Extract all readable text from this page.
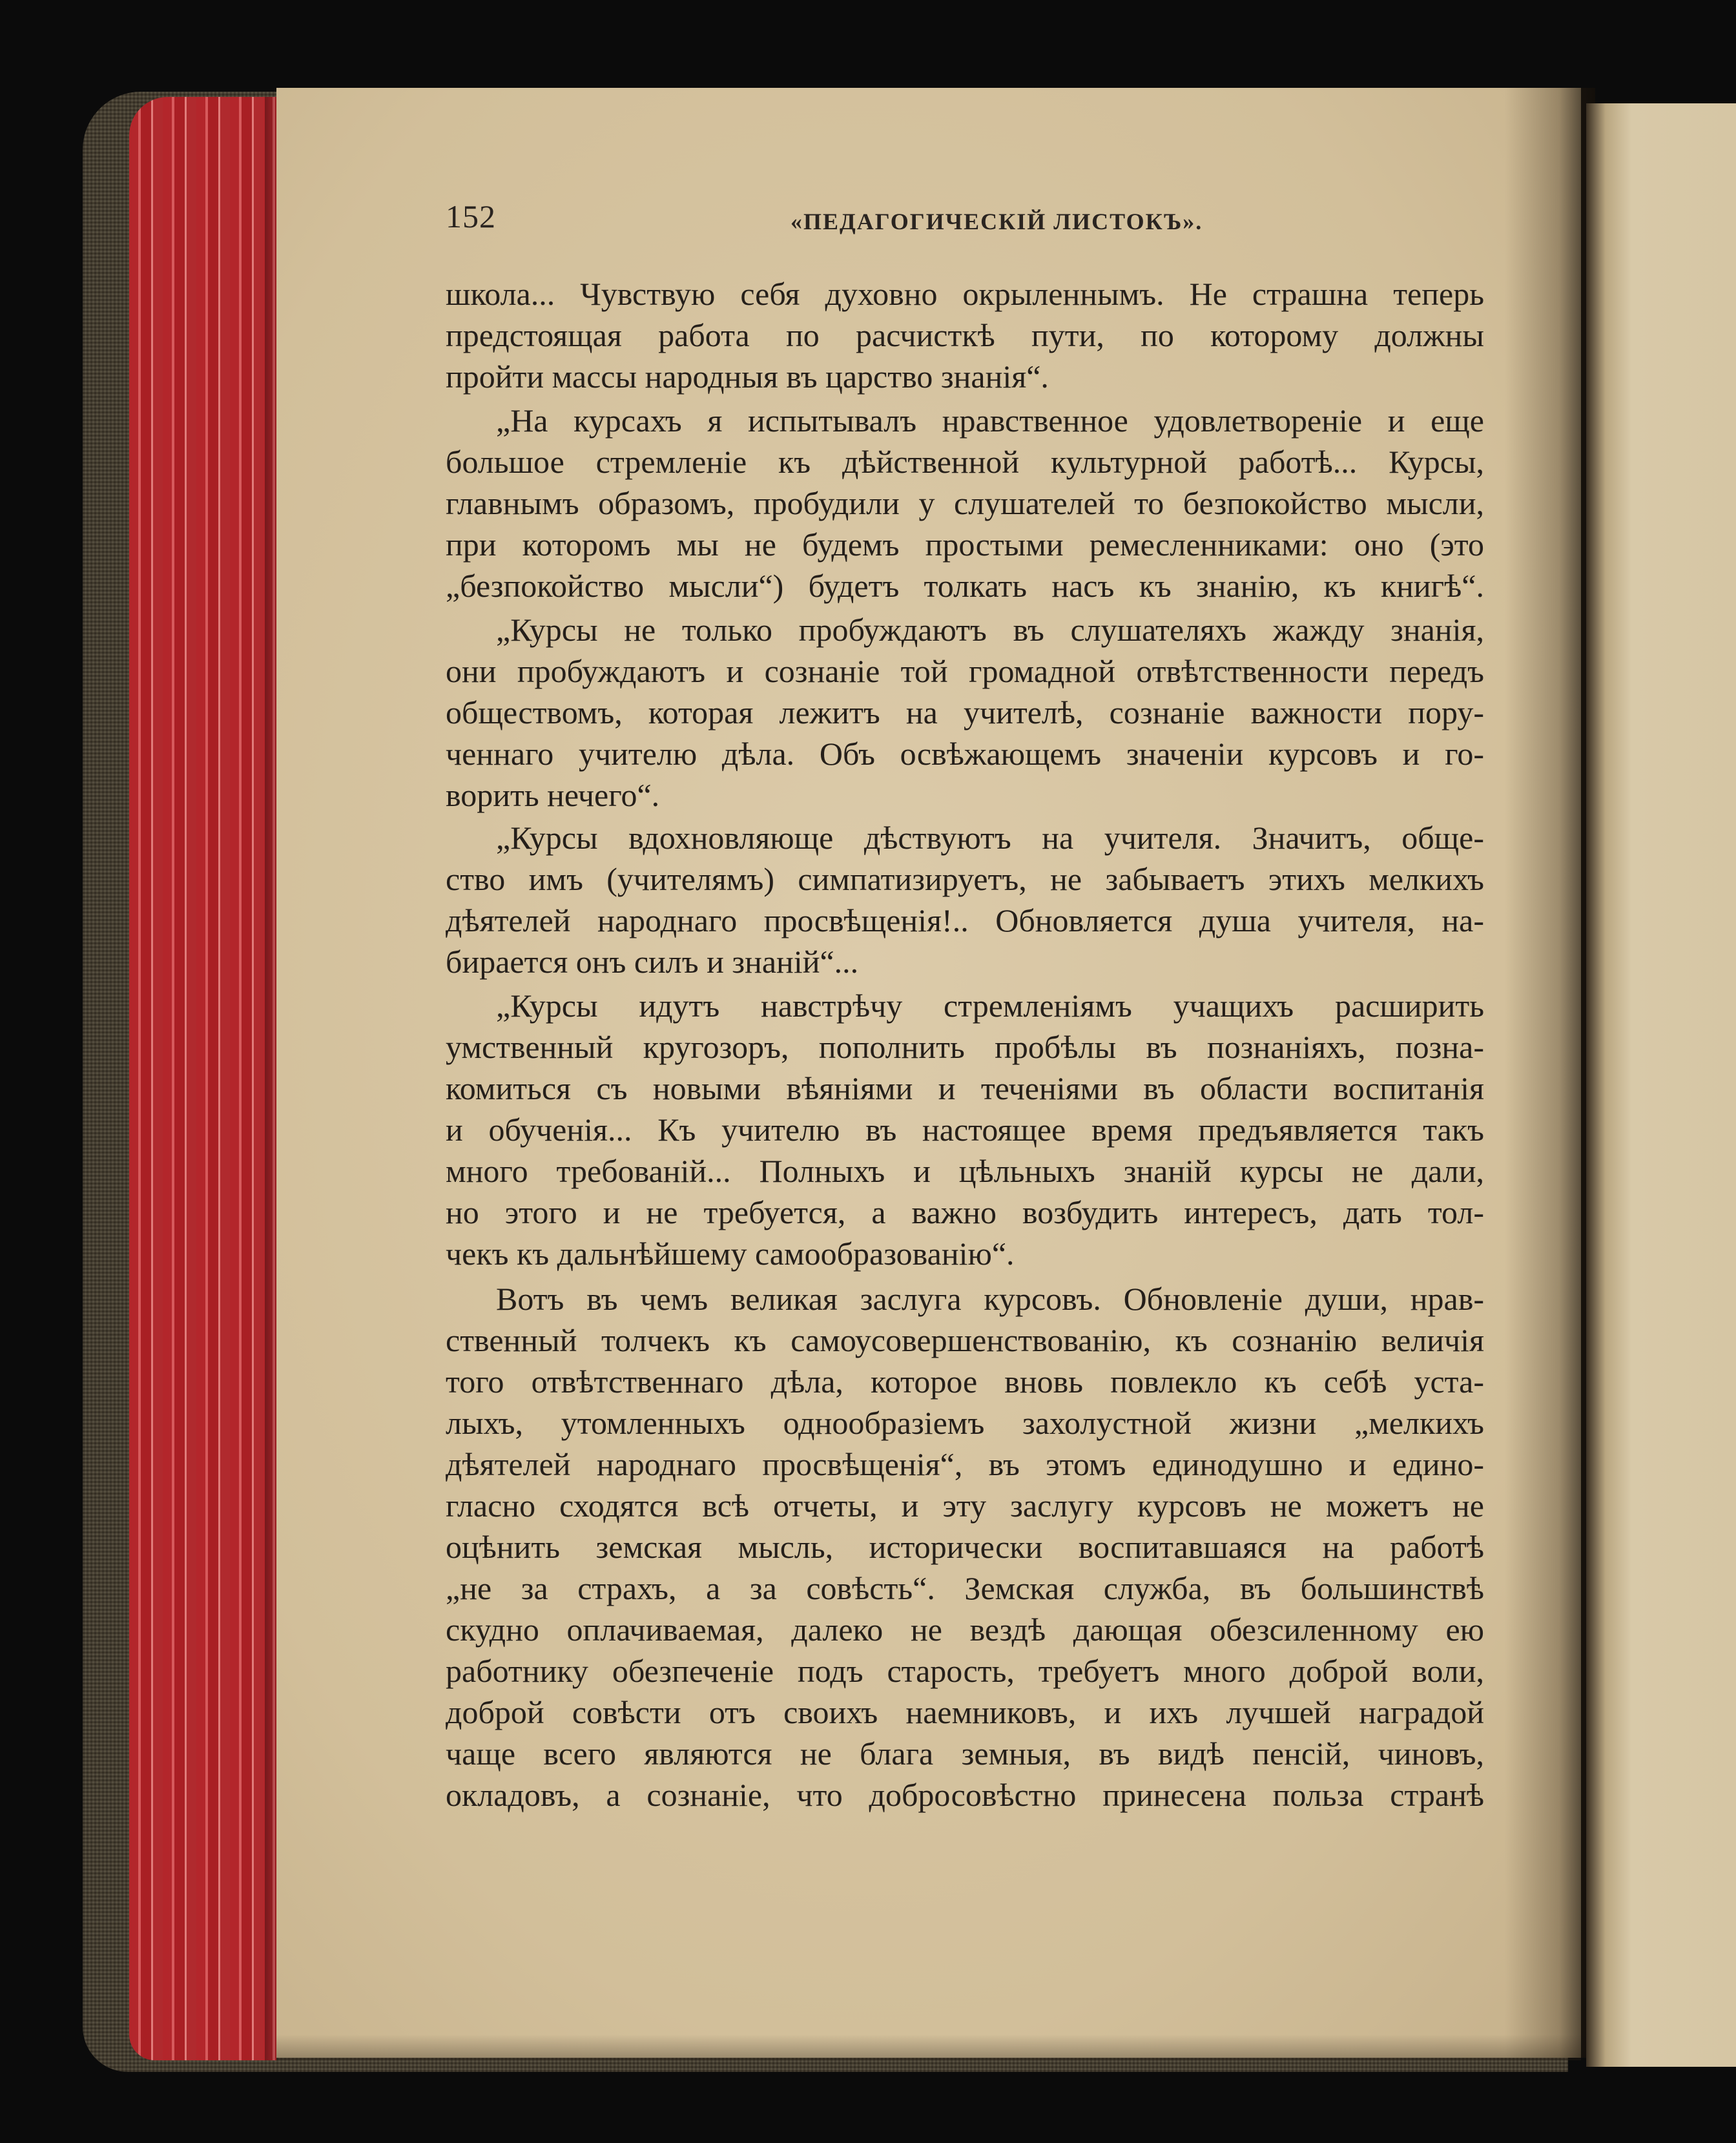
152	«ПЕДАГОГИЧЕСКІЙ ЛИСТОКЪ».
школа... Чувствую себя духовно окрыленнымъ. Не страшна теперь
предстоящая работа по расчисткѣ пути, по которому должны
пройти массы народныя въ царство знанія“.
„На курсахъ я испытывалъ нравственное удовлетвореніе и еще
большое стремленіе къ дѣйственной культурной работѣ... Курсы,
главнымъ образомъ, пробудили у слушателей то безпокойство мысли,
при которомъ мы не будемъ простыми ремесленниками: оно (это
„безпокойство мысли“) будетъ толкать насъ къ знанію, къ книгѣ“.
„Курсы не только пробуждаютъ въ слушателяхъ жажду знанія,
они пробуждаютъ и сознаніе той громадной отвѣтственности передъ
обществомъ, которая лежитъ на учителѣ, сознаніе важности пору-
ченнаго учителю дѣла. Объ освѣжающемъ значеніи курсовъ и го-
ворить нечего“.
„Курсы вдохновляюще дѣствуютъ на учителя. Значитъ, обще-
ство имъ (учителямъ) симпатизируетъ, не забываетъ этихъ мелкихъ
дѣятелей народнаго просвѣщенія!.. Обновляется душа учителя, на-
бирается онъ силъ и знаній“...
„Курсы идутъ навстрѣчу стремленіямъ учащихъ расширить
умственный кругозоръ, пополнить пробѣлы въ познаніяхъ, позна-
комиться съ новыми вѣяніями и теченіями въ области воспитанія
и обученія... Къ учителю въ настоящее время предъявляется такъ
много требованій... Полныхъ и цѣльныхъ знаній курсы не дали,
но этого и не требуется, а важно возбудить интересъ, дать тол-
чекъ къ дальнѣйшему самообразованію“.
Вотъ въ чемъ великая заслуга курсовъ. Обновленіе души, нрав-
ственный толчекъ къ самоусовершенствованію, къ сознанію величія
того отвѣтственнаго дѣла, которое вновь повлекло къ себѣ уста-
лыхъ, утомленныхъ однообразіемъ захолустной жизни „мелкихъ
дѣятелей народнаго просвѣщенія“, въ этомъ единодушно и едино-
гласно сходятся всѣ отчеты, и эту заслугу курсовъ не можетъ не
оцѣнить земская мысль, исторически воспитавшаяся на работѣ
„не за страхъ, а за совѣсть“. Земская служба, въ большинствѣ
скудно оплачиваемая, далеко не вездѣ дающая обезсиленному ею
работнику обезпеченіе подъ старость, требуетъ много доброй воли,
доброй совѣсти отъ своихъ наемниковъ, и ихъ лучшей наградой
чаще всего являются не блага земныя, въ видѣ пенсій, чиновъ,
окладовъ, а сознаніе, что добросовѣстно принесена польза странѣ
